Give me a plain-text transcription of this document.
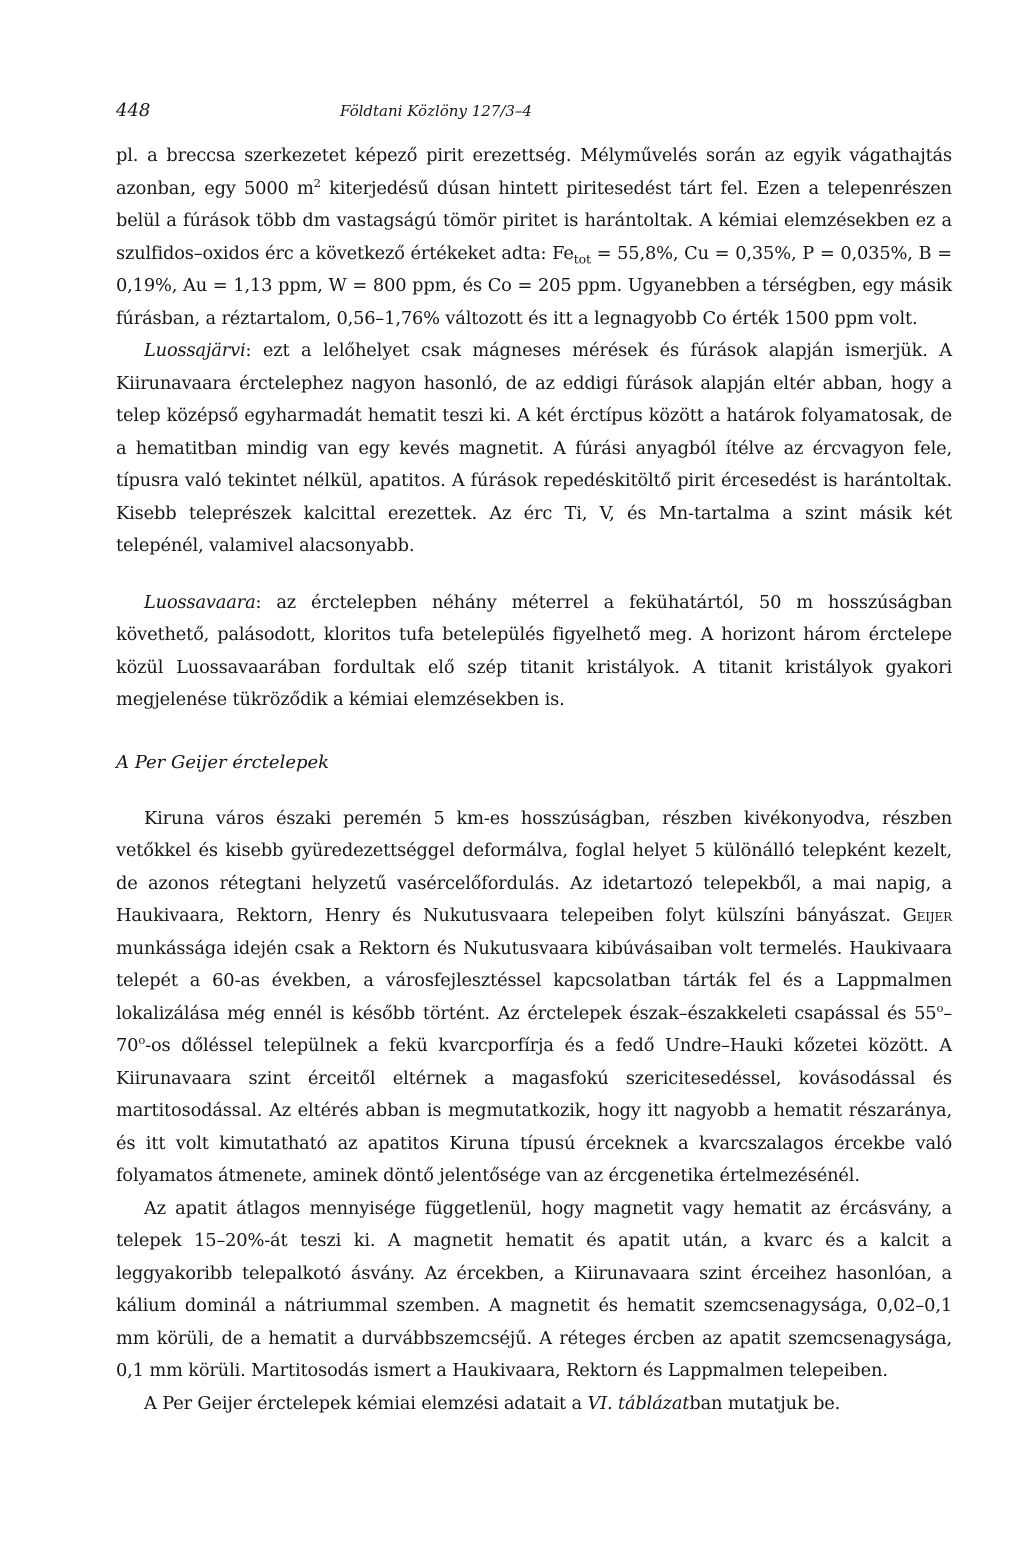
448	Földtani Közlöny 127/3–4

pl. a breccsa szerkezetet képező pirit erezettség. Mélyművelés során az egyik vágathajtás azonban, egy 5000 $m^2$ kiterjedésű dúsan hintett piritesedést tárt fel. Ezen a telepenrészen belül a fúrások több dm vastagságú tömör piritet is harántoltak. A kémiai elemzésekben ez a szulfidos–oxidos érc a következő értékeket adta: $Fe_{tot} = 55,8\%$, Cu = 0,35%, P = 0,035%, B = 0,19%, Au = 1,13 ppm, W = 800 ppm, és Co = 205 ppm. Ugyanebben a térségben, egy másik fúrásban, a réztartalom, 0,56–1,76% változott és itt a legnagyobb Co érték 1500 ppm volt.

Luossajärvi: ezt a lelőhelyet csak mágneses mérések és fúrások alapján ismerjük. A Kiirunavaara érctelephez nagyon hasonló, de az eddigi fúrások alapján eltér abban, hogy a telep középső egyharmadát hematit teszi ki. A két érctípus között a határok folyamatosak, de a hematitban mindig van egy kevés magnetit. A fúrási anyagból ítélve az ércvagyon fele, típusra való tekintet nélkül, apatitos. A fúrások repedéskitöltő pirit ércesedést is harántoltak. Kisebb teleprészek kalcittal erezettek. Az érc Ti, V, és Mn-tartalma a szint másik két telepénél, valamivel alacsonyabb.

Luossavaara: az érctelepben néhány méterrel a fekühatártól, 50 m hosszúságban követhető, palásodott, kloritos tufa betelepülés figyelhető meg. A horizont három érctelepe közül Luossavaarában fordultak elő szép titanit kristályok. A titanit kristályok gyakori megjelenése tükröződik a kémiai elemzésekben is.

A Per Geijer érctelepek

Kiruna város északi peremén 5 km-es hosszúságban, részben kivékonyodva, részben vetőkkel és kisebb gyüredezettséggel deformálva, foglal helyet 5 különálló telepként kezelt, de azonos rétegtani helyzetű vasércelőfordulás. Az idetartozó telepekből, a mai napig, a Haukivaara, Rektorn, Henry és Nukutusvaara telepeiben folyt külszíni bányászat. Geijer munkássága idején csak a Rektorn és Nukutusvaara kibúvásaiban volt termelés. Haukivaara telepét a 60-as években, a városfejlesztéssel kapcsolatban tárták fel és a Lappmalmen lokalizálása még ennél is később történt. Az érctelepek észak–északkeleti csapással és 55$^o$–70$^o$-os dőléssel települnek a fekü kvarcporfírja és a fedő Undre–Hauki kőzetei között. A Kiirunavaara szint érceitől eltérnek a magasfokú szericitesedéssel, kovásodással és martitosodással. Az eltérés abban is megmutatkozik, hogy itt nagyobb a hematit részaránya, és itt volt kimutatható az apatitos Kiruna típusú érceknek a kvarcszalagos ércekbe való folyamatos átmenete, aminek döntő jelentősége van az ércgenetika értelmezésénél.

Az apatit átlagos mennyisége függetlenül, hogy magnetit vagy hematit az ércásvány, a telepek 15–20%-át teszi ki. A magnetit hematit és apatit után, a kvarc és a kalcit a leggyakoribb telepalkotó ásvány. Az ércekben, a Kiirunavaara szint érceihez hasonlóan, a kálium dominál a nátriummal szemben. A magnetit és hematit szemcsenagysága, 0,02–0,1 mm körüli, de a hematit a durvábbszemcséjű. A réteges ércben az apatit szemcsenagysága, 0,1 mm körüli. Martitosodás ismert a Haukivaara, Rektorn és Lappmalmen telepeiben.

A Per Geijer érctelepek kémiai elemzési adatait a VI. táblázatban mutatjuk be.
